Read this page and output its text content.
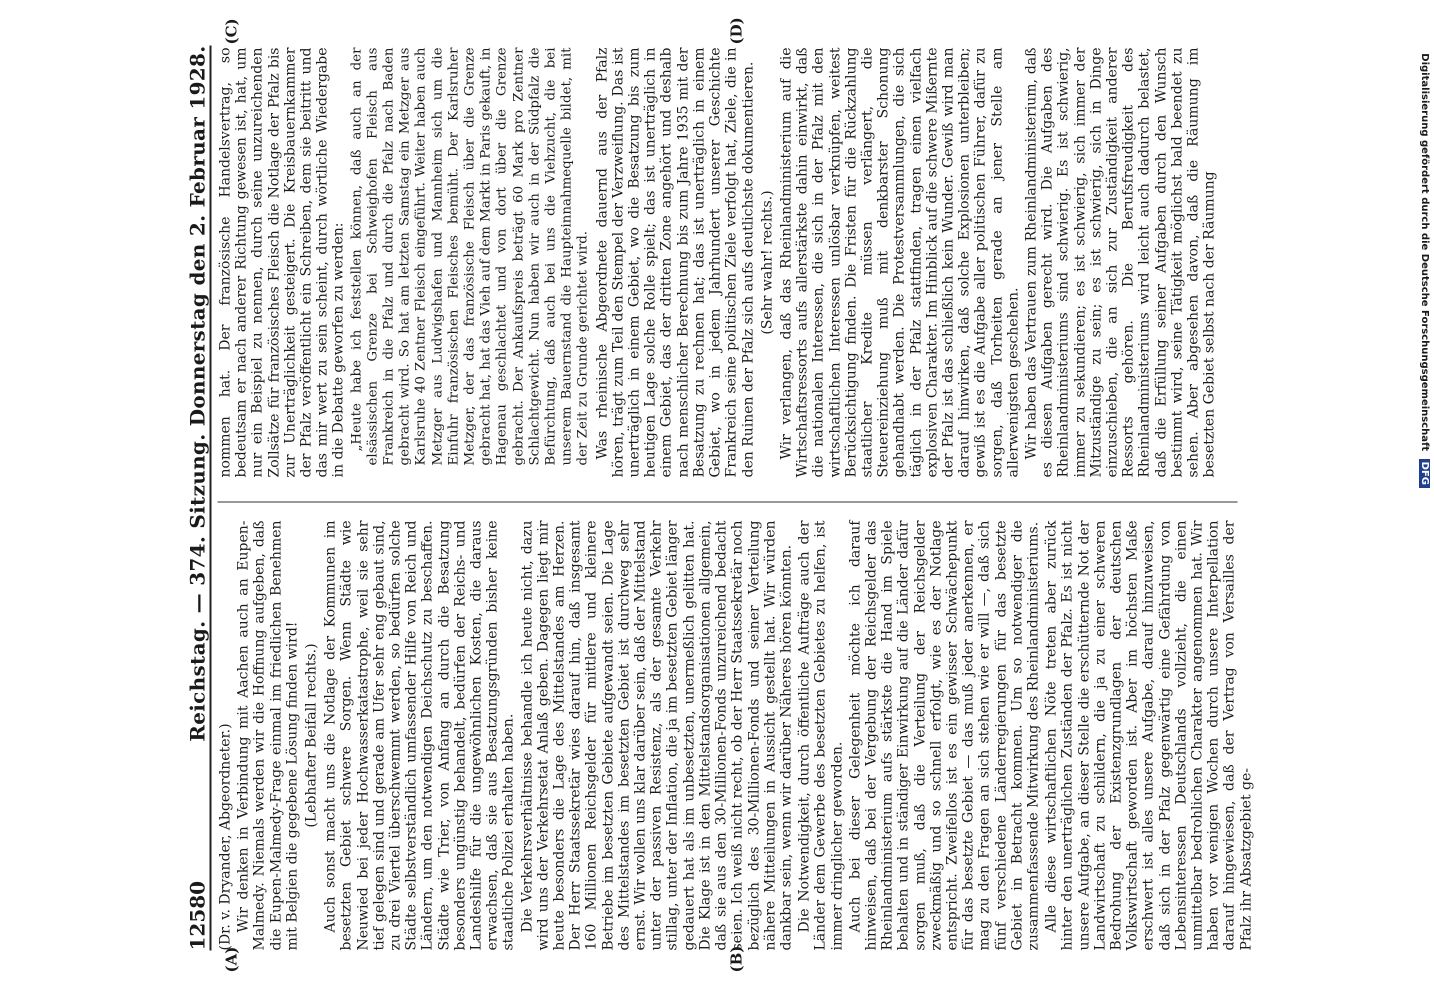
12580
Reichstag. — 374. Sitzung. Donnerstag den 2. Februar 1928.
(A)	(B)
(C)	(D)

(Dr. v. Dryander, Abgeordneter.) Wir denken in Verbindung mit Aachen auch an Eupen-Malmedy. Niemals werden wir die Hoffnung aufgeben, daß die Eupen-Malmedy-Frage einmal im friedlichen Benehmen mit Belgien die gegebene Lösung finden wird! (Lebhafter Beifall rechts.) Auch sonst macht uns die Notlage der Kommunen im besetzten Gebiet schwere Sorgen. Wenn Städte wie Neuwied bei jeder Hochwasserkatastrophe, weil sie sehr tief gelegen sind und gerade am Ufer sehr eng gebaut sind, zu drei Viertel überschwemmt werden, so bedürfen solche Städte selbstverständlich umfassender Hilfe von Reich und Ländern, um den notwendigen Deichschutz zu beschaffen. Städte wie Trier, von Anfang an durch die Besatzung besonders ungünstig behandelt, bedürfen der Reichs- und Landeshilfe für die ungewöhnlichen Kosten, die daraus erwachsen, daß sie aus Besatzungsgründen bisher keine staatliche Polizei erhalten haben. Die Verkehrsverhältnisse behandle ich heute nicht, dazu wird uns der Verkehrsetat Anlaß geben. Dagegen liegt mir heute besonders die Lage des Mittelstandes am Herzen. Der Herr Staatssekretär wies darauf hin, daß insgesamt 160 Millionen Reichsgelder für mittlere und kleinere Betriebe im besetzten Gebiete aufgewandt seien. Die Lage des Mittelstandes im besetzten Gebiet ist durchweg sehr ernst. Wir wollen uns klar darüber sein, daß der Mittelstand unter der passiven Resistenz, als der gesamte Verkehr stillag, unter der Inflation, die ja im besetzten Gebiet länger gedauert hat als im unbesetzten, unermeßlich gelitten hat. Die Klage ist in den Mittelstandsorganisationen allgemein, daß sie aus den 30-Millionen-Fonds unzureichend bedacht seien. Ich weiß nicht recht, ob der Herr Staatssekretär noch bezüglich des 30-Millionen-Fonds und seiner Verteilung nähere Mitteilungen in Aussicht gestellt hat. Wir würden dankbar sein, wenn wir darüber Näheres hören könnten. Die Notwendigkeit, durch öffentliche Aufträge auch der Länder dem Gewerbe des besetzten Gebietes zu helfen, ist immer dringlicher geworden. Auch bei dieser Gelegenheit möchte ich darauf hinweisen, daß bei der Vergebung der Reichsgelder das Rheinlandministerium aufs stärkste die Hand im Spiele behalten und in ständiger Einwirkung auf die Länder dafür sorgen muß, daß die Verteilung der Reichsgelder zweckmäßig und so schnell erfolgt, wie es der Notlage entspricht. Zweifellos ist es ein gewisser Schwächepunkt für das besetzte Gebiet — das muß jeder anerkennen, er mag zu den Fragen an sich stehen wie er will —, daß sich fünf verschiedene Länderregierungen für das besetzte Gebiet in Betracht kommen. Um so notwendiger die zusammenfassende Mitwirkung des Rheinlandministeriums. Alle diese wirtschaftlichen Nöte treten aber zurück hinter den unerträglichen Zuständen der Pfalz. Es ist nicht unsere Aufgabe, an dieser Stelle die erschütternde Not der Landwirtschaft zu schildern, die ja zu einer schweren Bedrohung der Existenzgrundlagen der deutschen Volkswirtschaft geworden ist. Aber im höchsten Maße erschwert ist alles unsere Aufgabe, darauf hinzuweisen, daß sich in der Pfalz gegenwärtig eine Gefährdung von Lebensinteressen Deutschlands vollzieht, die einen unmittelbar bedrohlichen Charakter angenommen hat. Wir haben vor wenigen Wochen durch unsere Interpellation darauf hingewiesen, daß der Vertrag von Versailles der Pfalz ihr Absatzgebiet ge-

nommen hat. Der französische Handelsvertrag, so bedeutsam er nach anderer Richtung gewesen ist, hat, um nur ein Beispiel zu nennen, durch seine unzureichenden Zollsätze für französisches Fleisch die Notlage der Pfalz bis zur Unerträglichkeit gesteigert. Die Kreisbauernkammer der Pfalz veröffentlicht ein Schreiben, dem sie beitritt und das mir wert zu sein scheint, durch wörtliche Wiedergabe in die Debatte geworfen zu werden: „Heute habe ich feststellen können, daß auch an der elsässischen Grenze bei Schweighofen Fleisch aus Frankreich in die Pfalz und durch die Pfalz nach Baden gebracht wird. So hat am letzten Samstag ein Metzger aus Karlsruhe 40 Zentner Fleisch eingeführt. Weiter haben auch Metzger aus Ludwigshafen und Mannheim sich um die Einfuhr französischen Fleisches bemüht. Der Karlsruher Metzger, der das französische Fleisch über die Grenze gebracht hat, hat das Vieh auf dem Markt in Paris gekauft, in Hagenau geschlachtet und von dort über die Grenze gebracht. Der Ankaufspreis beträgt 60 Mark pro Zentner Schlachtgewicht. Nun haben wir auch in der Südpfalz die Befürchtung, daß auch bei uns die Viehzucht, die bei unserem Bauernstand die Haupteinnahmequelle bildet, mit der Zeit zu Grunde gerichtet wird. Was rheinische Abgeordnete dauernd aus der Pfalz hören, trägt zum Teil den Stempel der Verzweiflung. Das ist unerträglich in einem Gebiet, wo die Besatzung bis zum heutigen Lage solche Rolle spielt; das ist unerträglich in einem Gebiet, das der dritten Zone angehört und deshalb nach menschlicher Berechnung bis zum Jahre 1935 mit der Besatzung zu rechnen hat; das ist unerträglich in einem Gebiet, wo in jedem Jahrhundert unserer Geschichte Frankreich seine politischen Ziele verfolgt hat, Ziele, die in den Ruinen der Pfalz sich aufs deutlichste dokumentieren. (Sehr wahr! rechts.) Wir verlangen, daß das Rheinlandministerium auf die Wirtschaftsressorts aufs allerstärkste dahin einwirkt, daß die nationalen Interessen, die sich in der Pfalz mit den wirtschaftlichen Interessen unlösbar verknüpfen, weitest Berücksichtigung finden. Die Fristen für die Rückzahlung staatlicher Kredite müssen verlängert, die Steuereinziehung muß mit denkbarster Schonung gehandhabt werden. Die Protestversammlungen, die sich täglich in der Pfalz stattfinden, tragen einen vielfach explosiven Charakter. Im Hinblick auf die schwere Mißernte der Pfalz ist das schließlich kein Wunder. Gewiß wird man darauf hinwirken, daß solche Explosionen unterbleiben; gewiß ist es die Aufgabe aller politischen Führer, dafür zu sorgen, daß Torheiten gerade an jener Stelle am allerwenigsten geschehen. Wir haben das Vertrauen zum Rheinlandministerium, daß es diesen Aufgaben gerecht wird. Die Aufgaben des Rheinlandministeriums sind schwierig. Es ist schwierig, immer zu sekundieren; es ist schwierig, sich immer der Mitzuständige zu sein; es ist schwierig, sich in Dinge einzuschieben, die an sich zur Zuständigkeit anderer Ressorts gehören. Die Berufsfreudigkeit des Rheinlandministeriums wird leicht auch dadurch belastet, daß die Erfüllung seiner Aufgaben durch den Wunsch bestimmt wird, seine Tätigkeit möglichst bald beendet zu sehen. Aber abgesehen davon, daß die Räumung im besetzten Gebiet selbst nach der Räumung	Digitalisierung gefördert durch die Deutsche Forschungsgemeinschaft DFG
